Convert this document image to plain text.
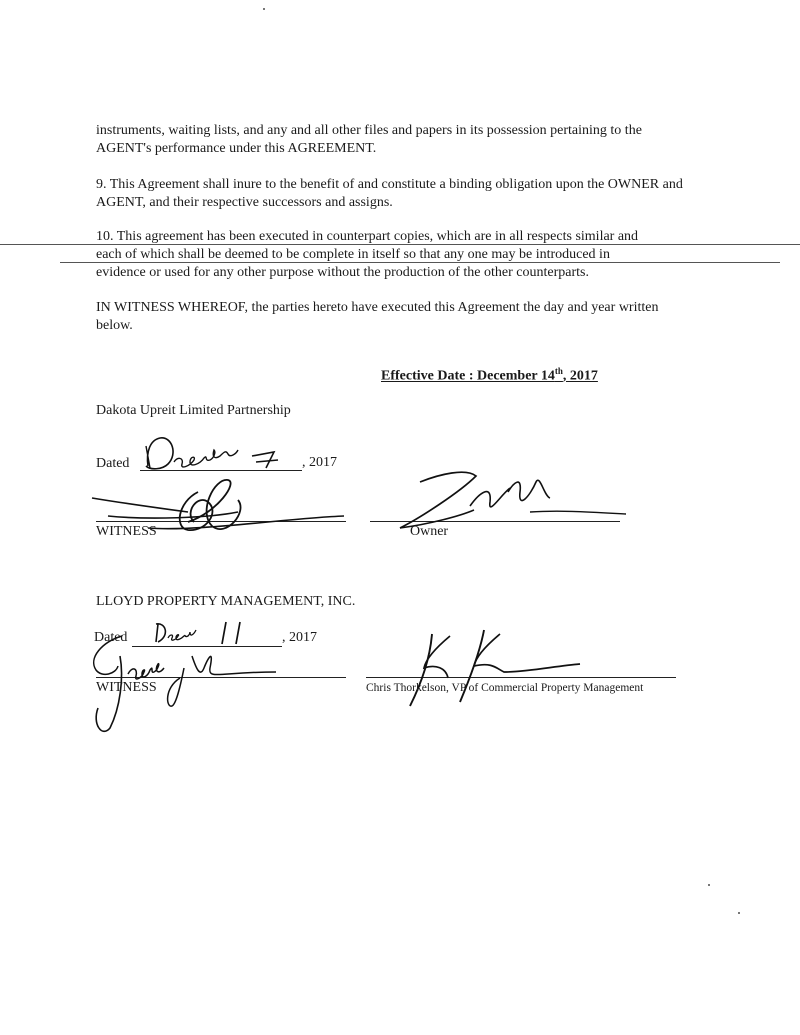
instruments, waiting lists, and any and all other files and papers in its possession pertaining to the AGENT's performance under this AGREEMENT.

9. This Agreement shall inure to the benefit of and constitute a binding obligation upon the OWNER and AGENT, and their respective successors and assigns.

10. This agreement has been executed in counterpart copies, which are in all respects similar and

each of which shall be deemed to be complete in itself so that any one may be introduced in

evidence or used for any other purpose without the production of the other counterparts.

IN WITNESS WHEREOF, the parties hereto have executed this Agreement the day and year written below.

Effective Date : December 14th, 2017
Dakota Upreit Limited Partnership
Dated	, 2017
WITNESS	Owner
LLOYD PROPERTY MANAGEMENT, INC.
Dated	, 2017
WITNESS	Chris Thorkelson, VP of Commercial Property Management
